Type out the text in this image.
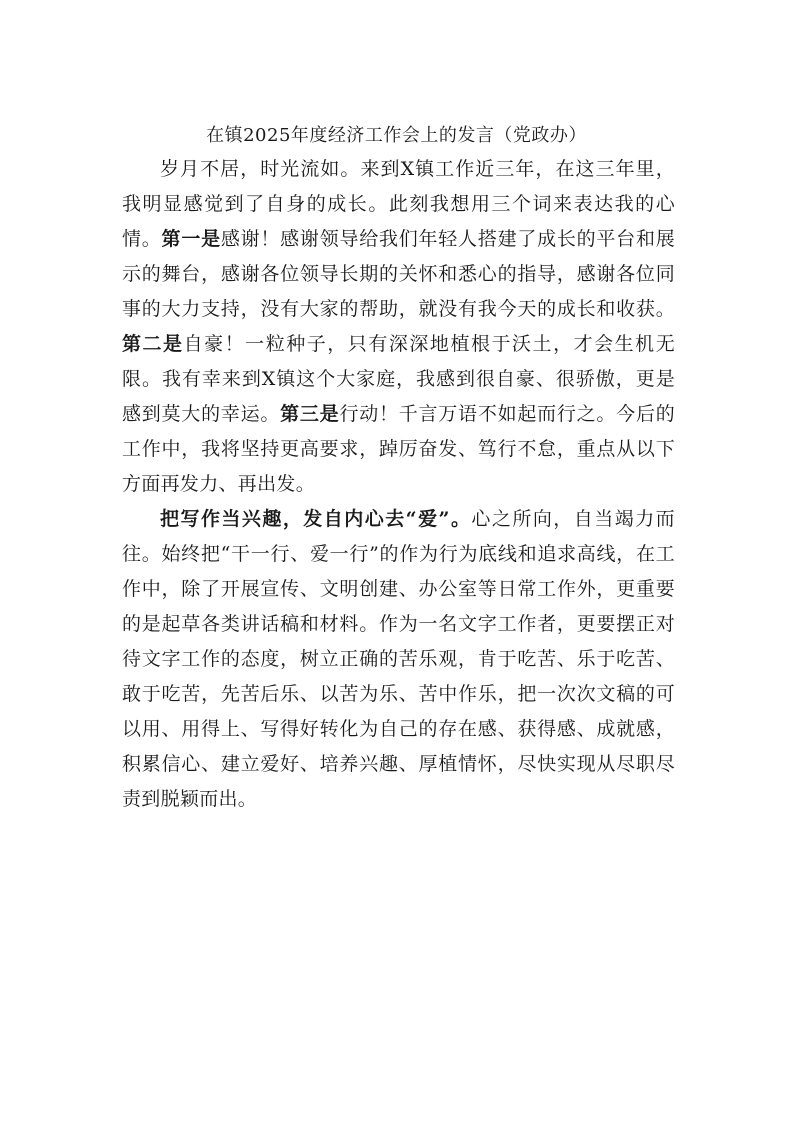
在镇2025年度经济工作会上的发言（党政办）

岁月不居，时光流如。来到X镇工作近三年，在这三年里，我明显感觉到了自身的成长。此刻我想用三个词来表达我的心情。第一是感谢！感谢领导给我们年轻人搭建了成长的平台和展示的舞台，感谢各位领导长期的关怀和悉心的指导，感谢各位同事的大力支持，没有大家的帮助，就没有我今天的成长和收获。第二是自豪！一粒种子，只有深深地植根于沃土，才会生机无限。我有幸来到X镇这个大家庭，我感到很自豪、很骄傲，更是感到莫大的幸运。第三是行动！千言万语不如起而行之。今后的工作中，我将坚持更高要求，踔厉奋发、笃行不怠，重点从以下方面再发力、再出发。

把写作当兴趣，发自内心去“爱”。心之所向，自当竭力而往。始终把“干一行、爱一行”的作为行为底线和追求高线，在工作中，除了开展宣传、文明创建、办公室等日常工作外，更重要的是起草各类讲话稿和材料。作为一名文字工作者，更要摆正对待文字工作的态度，树立正确的苦乐观，肯于吃苦、乐于吃苦、敢于吃苦，先苦后乐、以苦为乐、苦中作乐，把一次次文稿的可以用、用得上、写得好转化为自己的存在感、获得感、成就感，积累信心、建立爱好、培养兴趣、厚植情怀，尽快实现从尽职尽责到脱颖而出。
